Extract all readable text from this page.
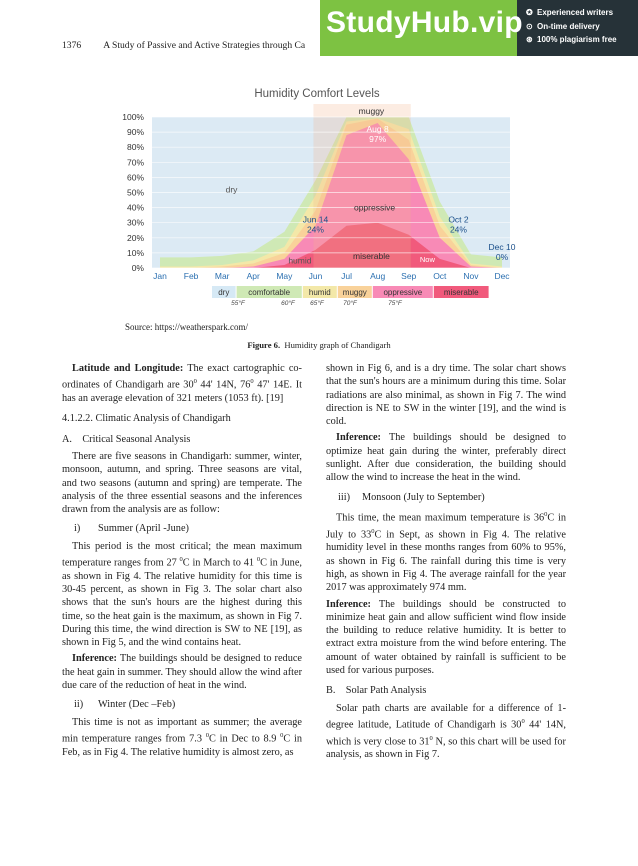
1376 A Study of Passive and Active Strategies through Ca
StudyHub.vip ✪ Experienced writers
⊙ On-time delivery
⊛ 100% plagiarism free
Humidity Comfort Levels
0%
10%
20%
30%
40%
50%
60%
70%
80%
90%
100%
Jan Feb Mar Apr May Jun Jul Aug Sep Oct Nov Dec
dry
humid
oppressive
miserable
muggy
Now
Jun 14
24%
Aug 8
97%
Oct 2
24%
Dec 10
0%
dry comfortable humid muggy oppressive	miserable
55°F	60°F 65°F	70°F	75°F
Source: https://weatherspark.com/
Figure 6. Humidity graph of Chandigarh

Latitude and Longitude: The exact cartographic co-ordinates of Chandigarh are $30^0$ 44' 14N, $76^0$ 47' 14E. It has an average elevation of 321 meters (1053 ft). [19]

4.1.2.2. Climatic Analysis of Chandigarh

A. Critical Seasonal Analysis

There are five seasons in Chandigarh: summer, winter, monsoon, autumn, and spring. Three seasons are vital, and two seasons (autumn and spring) are temperate. The analysis of the three essential seasons and the inferences drawn from the analysis are as follow:

i) Summer (April -June)

This period is the most critical; the mean maximum temperature ranges from 27 $^0$C in March to 41 $^0$C in June, as shown in Fig 4. The relative humidity for this time is 30-45 percent, as shown in Fig 3. The solar chart also shows that the sun's hours are the highest during this time, so the heat gain is the maximum, as shown in Fig 7. During this time, the wind direction is SW to NE [19], as shown in Fig 5, and the wind contains heat.

Inference: The buildings should be designed to reduce the heat gain in summer. They should allow the wind after due care of the reduction of heat in the wind.

ii) Winter (Dec –Feb)

This time is not as important as summer; the average min temperature ranges from 7.3 $^0$C in Dec to 8.9 $^0$C in Feb, as in Fig 4. The relative humidity is almost zero, as

shown in Fig 6, and is a dry time. The solar chart shows that the sun's hours are a minimum during this time. Solar radiations are also minimal, as shown in Fig 7. The wind direction is NE to SW in the winter [19], and the wind is cold.

Inference: The buildings should be designed to optimize heat gain during the winter, preferably direct sunlight. After due consideration, the building should allow the wind to increase the heat in the wind.

iii) Monsoon (July to September)

This time, the mean maximum temperature is $36^0C$ in July to $33^0C$ in Sept, as shown in Fig 4. The relative humidity level in these months ranges from 60% to 95%, as shown in Fig 6. The rainfall during this time is very high, as shown in Fig 4. The average rainfall for the year 2017 was approximately 974 mm.

Inference: The buildings should be constructed to minimize heat gain and allow sufficient wind flow inside the building to reduce relative humidity. It is better to extract extra moisture from the wind before entering. The amount of water obtained by rainfall is sufficient to be used for various purposes.

B. Solar Path Analysis

Solar path charts are available for a difference of 1-degree latitude, Latitude of Chandigarh is $30^0$ 44' 14N, which is very close to $31^0$ N, so this chart will be used for analysis, as shown in Fig 7.
